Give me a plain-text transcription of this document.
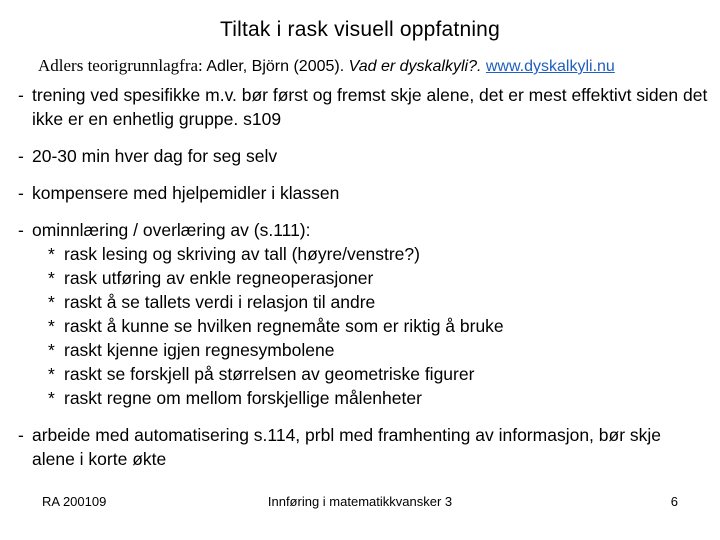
Tiltak i rask visuell oppfatning
Adlers teorigrunnlagfra: Adler, Björn (2005). Vad er dyskalkyli?. www.dyskalkyli.nu
- trening ved spesifikke m.v. bør først og fremst skje alene, det er mest effektivt siden det ikke er en enhetlig gruppe. s109
- 20-30 min hver dag for seg selv
- kompensere med hjelpemidler i klassen
- ominnlæring / overlæring av (s.111):
* rask lesing og skriving av tall (høyre/venstre?)
* rask utføring av enkle regneoperasjoner
* raskt å se tallets verdi i relasjon til andre
* raskt å kunne se hvilken regnemåte som er riktig å bruke
* raskt kjenne igjen regnesymbolene
* raskt se forskjell på størrelsen av geometriske figurer
* raskt regne om mellom forskjellige målenheter
- arbeide med automatisering s.114, prbl med framhenting av informasjon, bør skje alene i korte økte
RA 200109	Innføring i matematikkvansker 3	6
